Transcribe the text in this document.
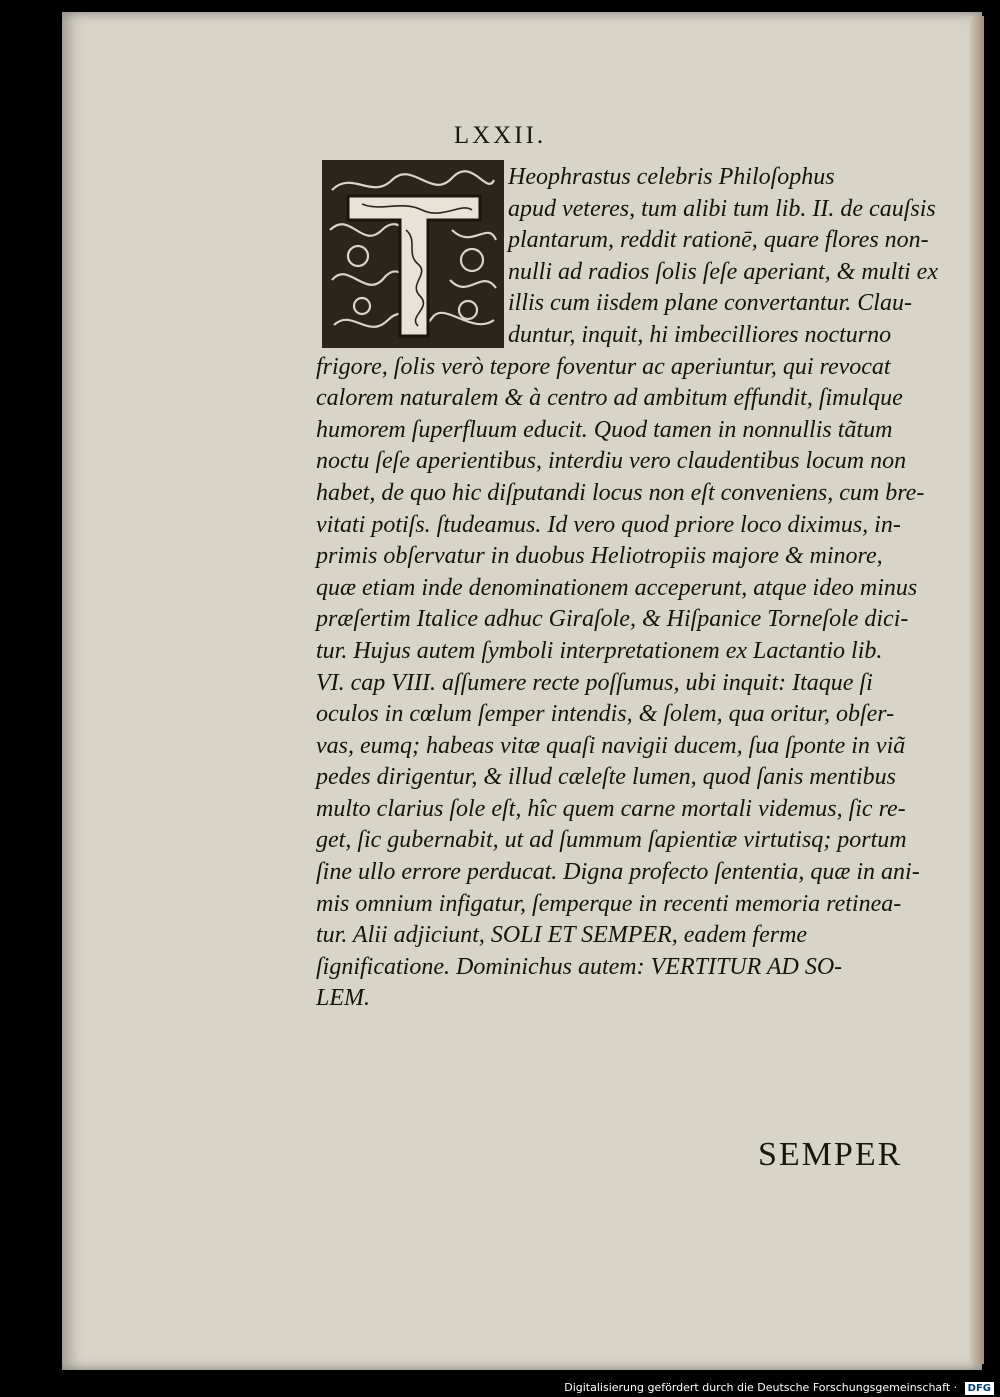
LXXII.
Heophrastus celebris Philoſophus
apud veteres, tum alibi tum lib. II. de cauſsis
plantarum, reddit rationē, quare flores non-
nulli ad radios ſolis ſeſe aperiant, & multi ex
illis cum iisdem plane convertantur. Clau-
duntur, inquit, hi imbecilliores nocturno
frigore, ſolis verò tepore foventur ac aperiuntur, qui revocat
calorem naturalem & à centro ad ambitum effundit, ſimulque
humorem ſuperfluum educit. Quod tamen in nonnullis tãtum
noctu ſeſe aperientibus, interdiu vero claudentibus locum non
habet, de quo hic diſputandi locus non eſt conveniens, cum bre-
vitati potiſs. ſtudeamus. Id vero quod priore loco diximus, in-
primis obſervatur in duobus Heliotropiis majore & minore,
quæ etiam inde denominationem acceperunt, atque ideo minus
præſertim Italice adhuc Giraſole, & Hiſpanice Torneſole dici-
tur. Hujus autem ſymboli interpretationem ex Lactantio lib.
VI. cap VIII. aſſumere recte poſſumus, ubi inquit: Itaque ſi
oculos in cœlum ſemper intendis, & ſolem, qua oritur, obſer-
vas, eumq; habeas vitæ quaſi navigii ducem, ſua ſponte in viã
pedes dirigentur, & illud cæleſte lumen, quod ſanis mentibus
multo clarius ſole eſt, hîc quem carne mortali videmus, ſic re-
get, ſic gubernabit, ut ad ſummum ſapientiæ virtutisq; portum
ſine ullo errore perducat. Digna profecto ſententia, quæ in ani-
mis omnium infigatur, ſemperque in recenti memoria retinea-
tur. Alii adjiciunt, SOLI ET SEMPER, eadem ferme
ſignificatione. Dominichus autem: VERTITUR AD SO-
LEM.
SEMPER
Digitalisierung gefördert durch die Deutsche Forschungsgemeinschaft · DFG
